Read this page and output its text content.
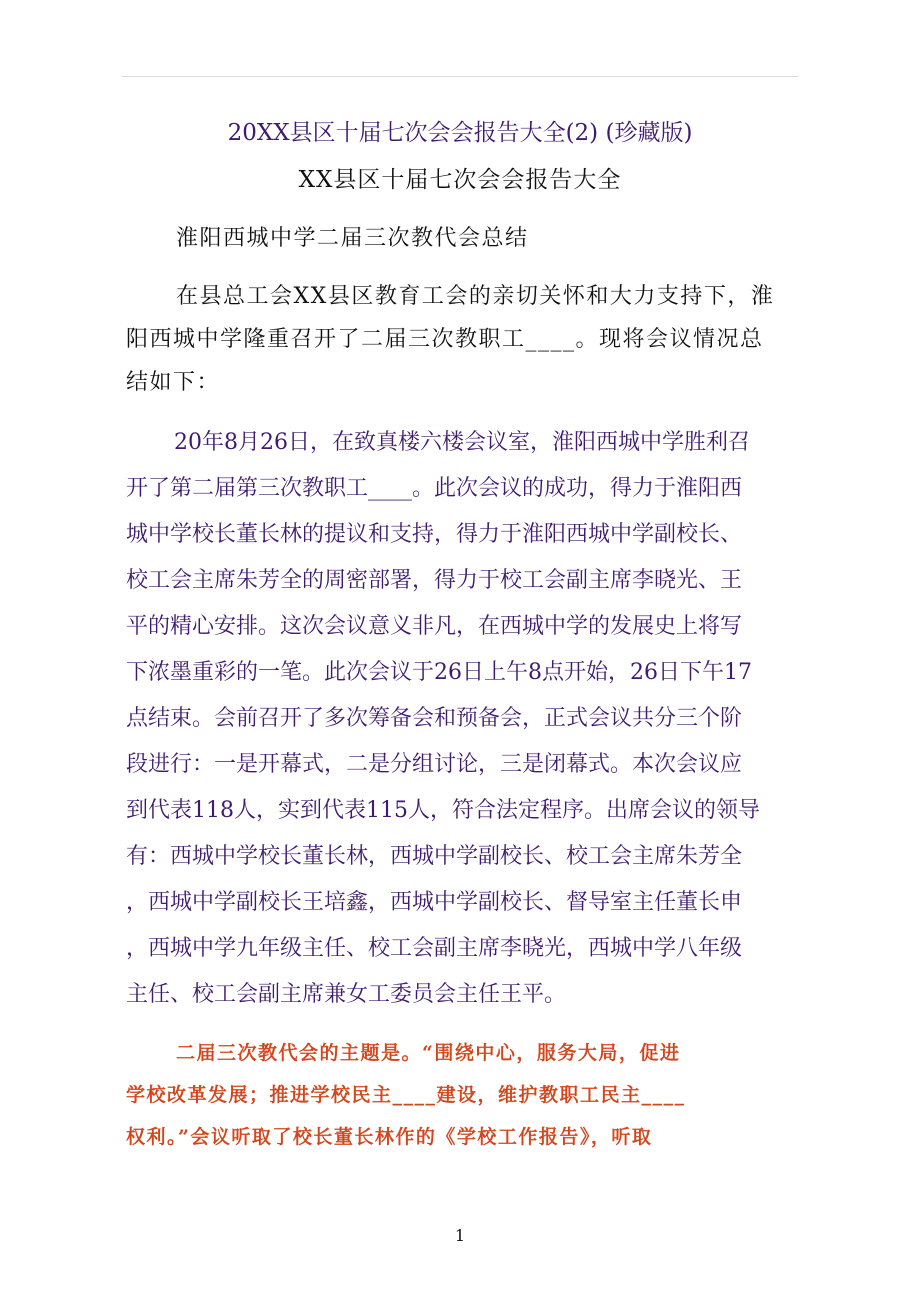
20XX县区十届七次会会报告大全(2) (珍藏版)
XX县区十届七次会会报告大全
淮阳西城中学二届三次教代会总结
在县总工会XX县区教育工会的亲切关怀和大力支持下，淮
阳西城中学隆重召开了二届三次教职工____。现将会议情况总
结如下：
20年8月26日，在致真楼六楼会议室，淮阳西城中学胜利召
开了第二届第三次教职工____。此次会议的成功，得力于淮阳西
城中学校长董长林的提议和支持，得力于淮阳西城中学副校长、
校工会主席朱芳全的周密部署，得力于校工会副主席李晓光、王
平的精心安排。这次会议意义非凡，在西城中学的发展史上将写
下浓墨重彩的一笔。此次会议于26日上午8点开始，26日下午17
点结束。会前召开了多次筹备会和预备会，正式会议共分三个阶
段进行：一是开幕式，二是分组讨论，三是闭幕式。本次会议应
到代表118人，实到代表115人，符合法定程序。出席会议的领导
有：西城中学校长董长林，西城中学副校长、校工会主席朱芳全
，西城中学副校长王培鑫，西城中学副校长、督导室主任董长申
，西城中学九年级主任、校工会副主席李晓光，西城中学八年级
主任、校工会副主席兼女工委员会主任王平。
二届三次教代会的主题是。“围绕中心，服务大局，促进
学校改革发展；推进学校民主____建设，维护教职工民主____
权利。”会议听取了校长董长林作的《学校工作报告》，听取
1
